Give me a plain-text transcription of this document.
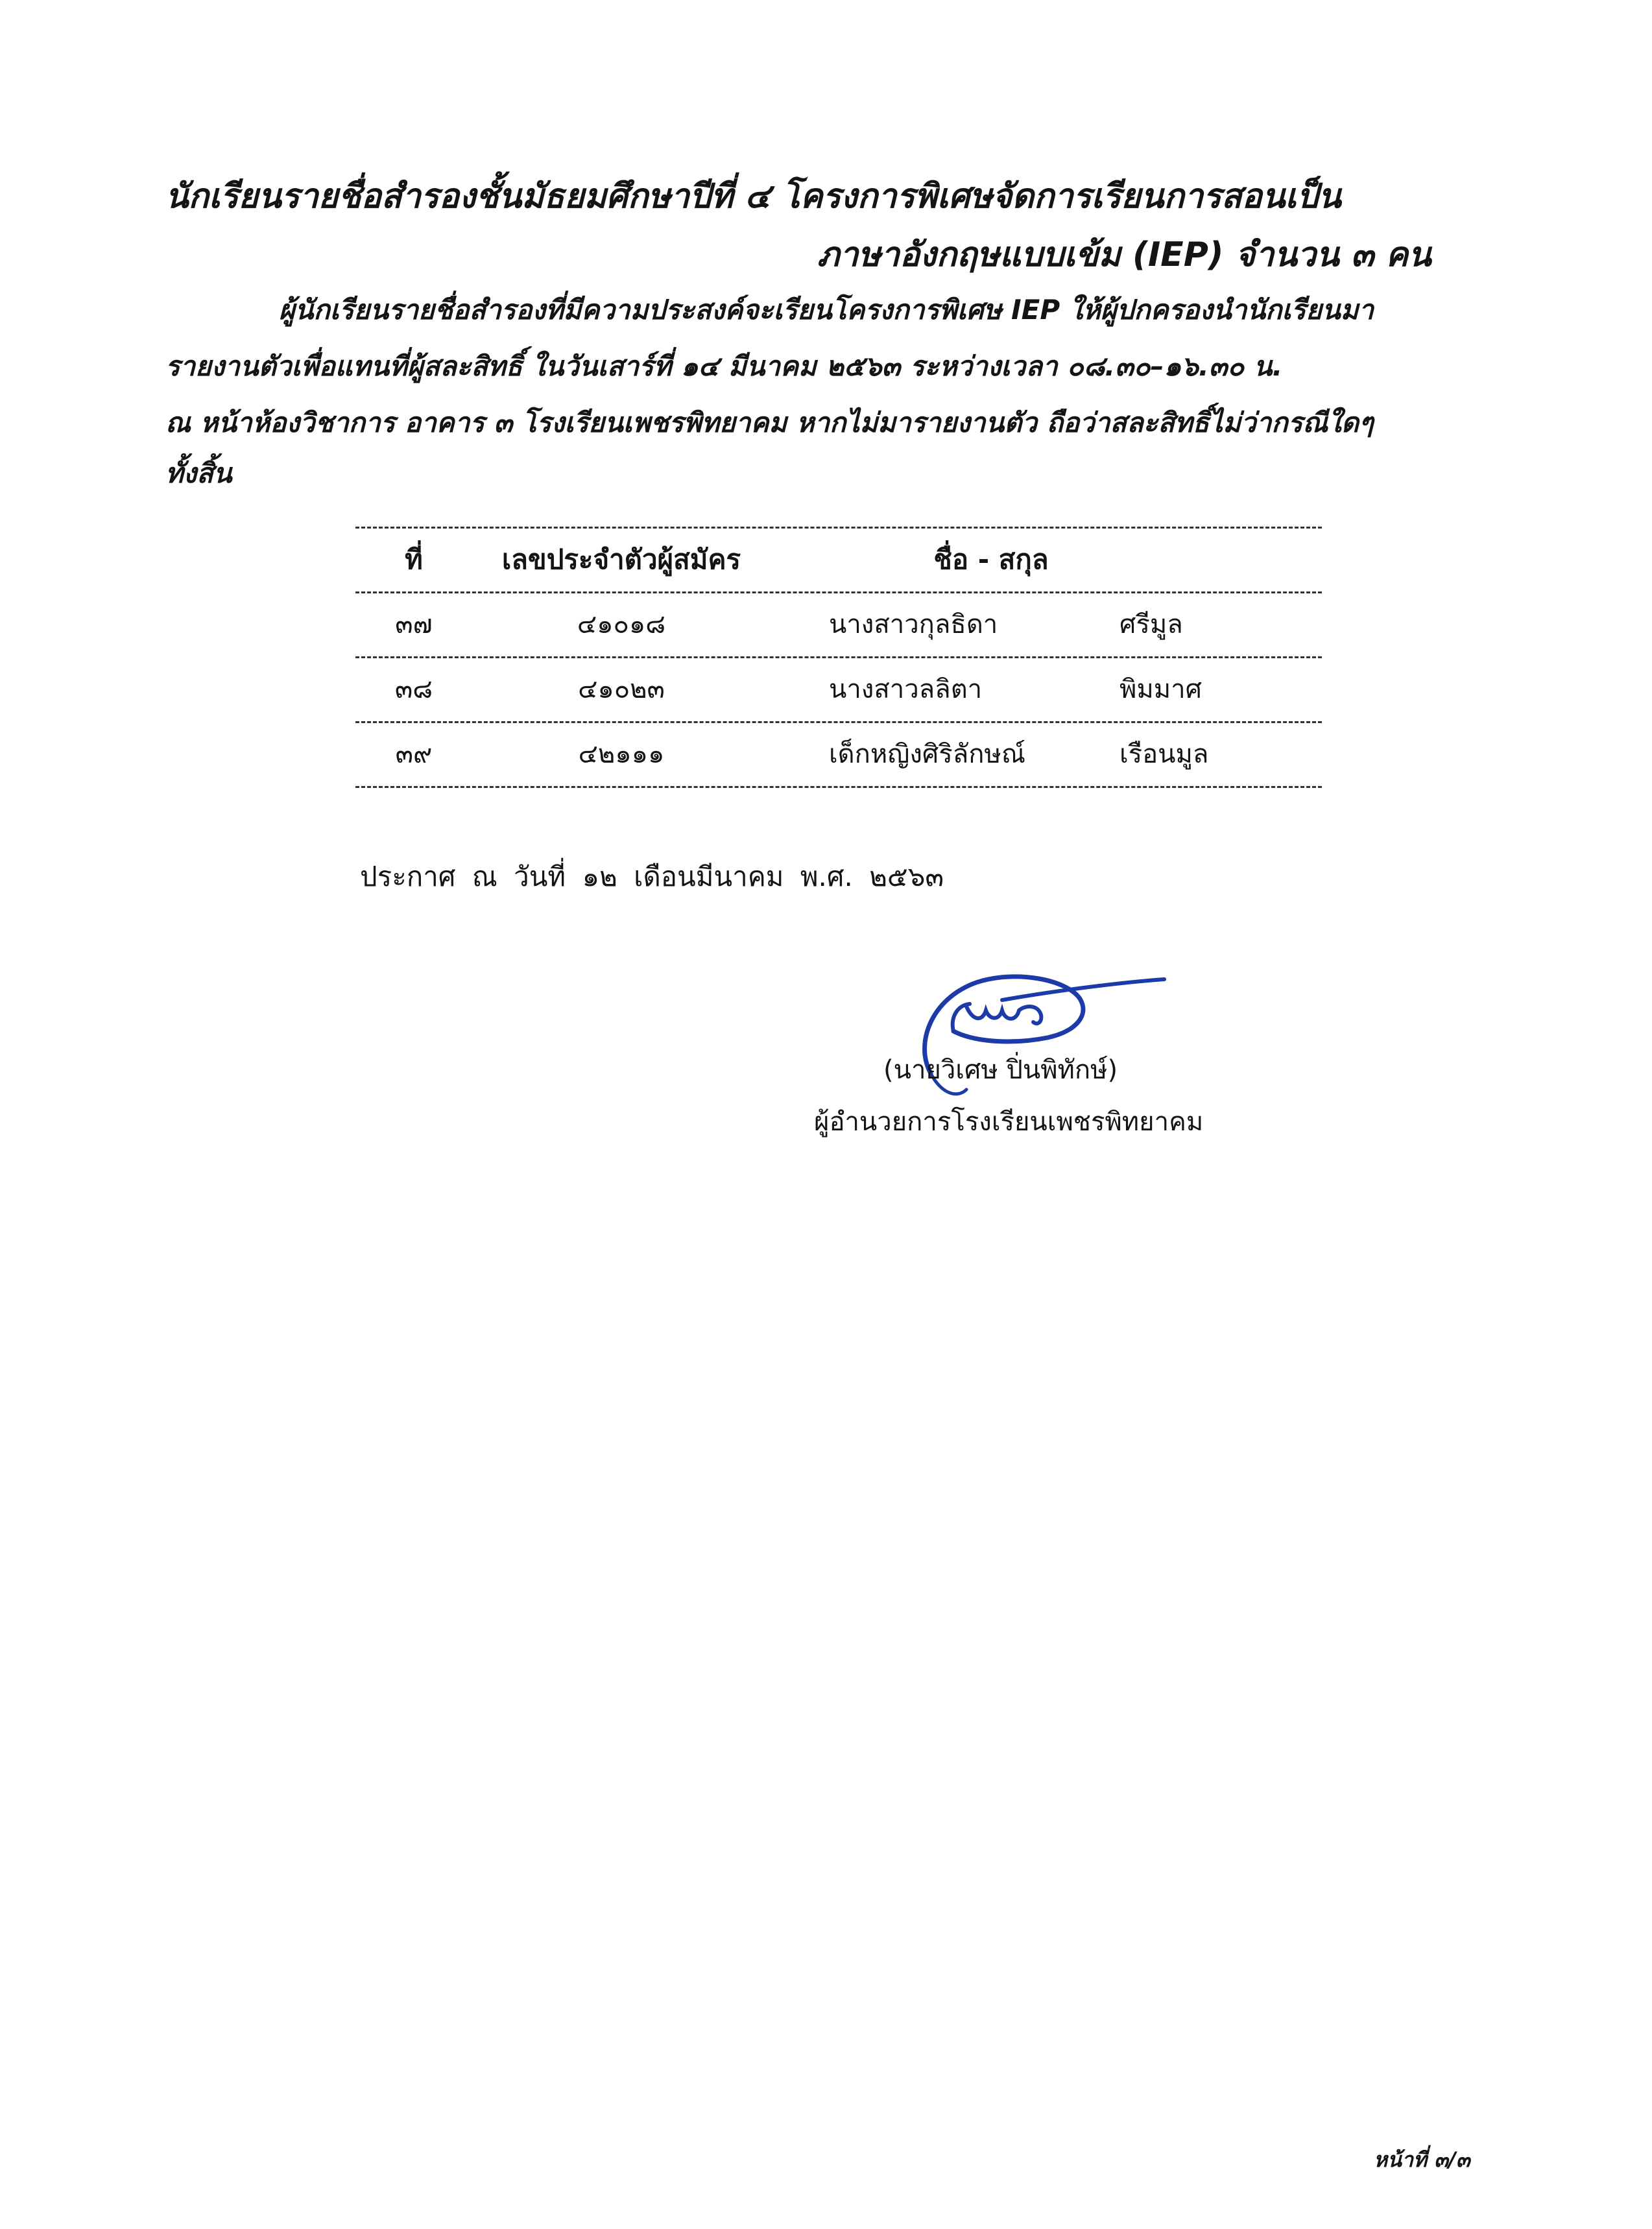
นักเรียนรายชื่อสำรองชั้นมัธยมศึกษาปีที่ ๔ โครงการพิเศษจัดการเรียนการสอนเป็น
ภาษาอังกฤษแบบเข้ม (IEP) จำนวน ๓ คน
ผู้นักเรียนรายชื่อสำรองที่มีความประสงค์จะเรียนโครงการพิเศษ IEP ให้ผู้ปกครองนำนักเรียนมา
รายงานตัวเพื่อแทนที่ผู้สละสิทธิ์ ในวันเสาร์ที่ ๑๔ มีนาคม ๒๕๖๓ ระหว่างเวลา ๐๘.๓๐–๑๖.๓๐ น.
ณ หน้าห้องวิชาการ อาคาร ๓ โรงเรียนเพชรพิทยาคม หากไม่มารายงานตัว ถือว่าสละสิทธิ์ไม่ว่ากรณีใดๆ
ทั้งสิ้น
ที่	เลขประจำตัวผู้สมัคร	ชื่อ - สกุล
๓๗	๔๑๐๑๘	นางสาวกุลธิดา	ศรีมูล
๓๘	๔๑๐๒๓	นางสาวลลิตา	พิมมาศ
๓๙	๔๒๑๑๑	เด็กหญิงศิริลักษณ์	เรือนมูล
ประกาศ ณ วันที่ ๑๒ เดือนมีนาคม พ.ศ. ๒๕๖๓
(นายวิเศษ ปิ่นพิทักษ์)
ผู้อำนวยการโรงเรียนเพชรพิทยาคม
หน้าที่ ๓/๓
